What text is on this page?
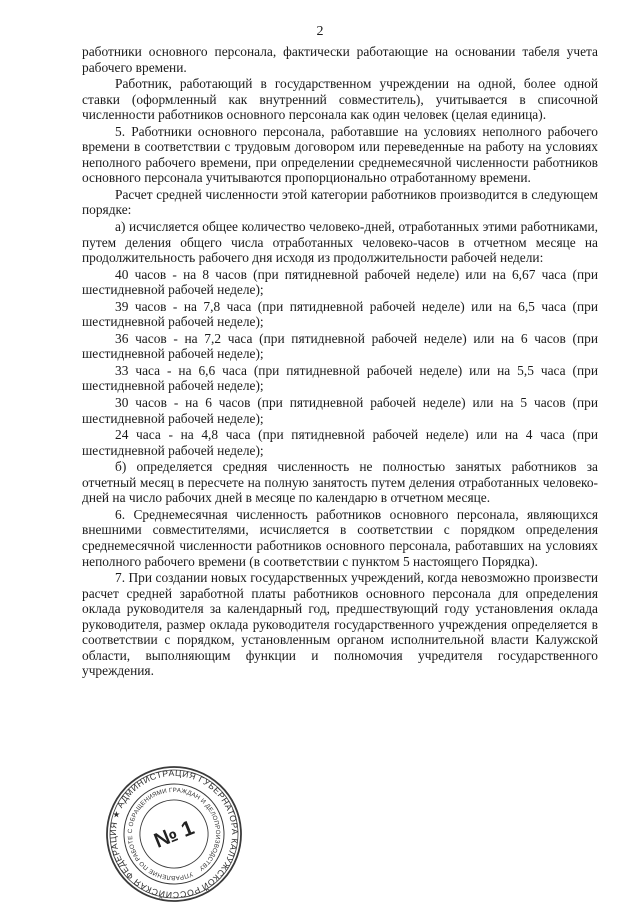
2

работники основного персонала, фактически работающие на основании табеля учета рабочего времени.

Работник, работающий в государственном учреждении на одной, более одной ставки (оформленный как внутренний совместитель), учитывается в списочной численности работников основного персонала как один человек (целая единица).

5. Работники основного персонала, работавшие на условиях неполного рабочего времени в соответствии с трудовым договором или переведенные на работу на условиях неполного рабочего времени, при определении среднемесячной численности работников основного персонала учитываются пропорционально отработанному времени.

Расчет средней численности этой категории работников производится в следующем порядке:

а) исчисляется общее количество человеко-дней, отработанных этими работниками, путем деления общего числа отработанных человеко-часов в отчетном месяце на продолжительность рабочего дня исходя из продолжительности рабочей недели:

40 часов - на 8 часов (при пятидневной рабочей неделе) или на 6,67 часа (при шестидневной рабочей неделе);

39 часов - на 7,8 часа (при пятидневной рабочей неделе) или на 6,5 часа (при шестидневной рабочей неделе);

36 часов - на 7,2 часа (при пятидневной рабочей неделе) или на 6 часов (при шестидневной рабочей неделе);

33 часа - на 6,6 часа (при пятидневной рабочей неделе) или на 5,5 часа (при шестидневной рабочей неделе);

30 часов - на 6 часов (при пятидневной рабочей неделе) или на 5 часов (при шестидневной рабочей неделе);

24 часа - на 4,8 часа (при пятидневной рабочей неделе) или на 4 часа (при шестидневной рабочей неделе);

б) определяется средняя численность не полностью занятых работников за отчетный месяц в пересчете на полную занятость путем деления отработанных человеко-дней на число рабочих дней в месяце по календарю в отчетном месяце.

6. Среднемесячная численность работников основного персонала, являющихся внешними совместителями, исчисляется в соответствии с порядком определения среднемесячной численности работников основного персонала, работавших на условиях неполного рабочего времени (в соответствии с пунктом 5 настоящего Порядка).

7. При создании новых государственных учреждений, когда невозможно произвести расчет средней заработной платы работников основного персонала для определения оклада руководителя за календарный год, предшествующий году установления оклада руководителя, размер оклада руководителя государственного учреждения определяется в соответствии с порядком, установленным органом исполнительной власти Калужской области, выполняющим функции и полномочия учредителя государственного учреждения.

РОССИЙСКАЯ ФЕДЕРАЦИЯ ★ АДМИНИСТРАЦИЯ ГУБЕРНАТОРА КАЛУЖСКОЙ
УПРАВЛЕНИЕ ПО РАБОТЕ С ОБРАЩЕНИЯМИ ГРАЖДАН И ДЕЛОПРОИЗВОДСТВУ
№ 1
